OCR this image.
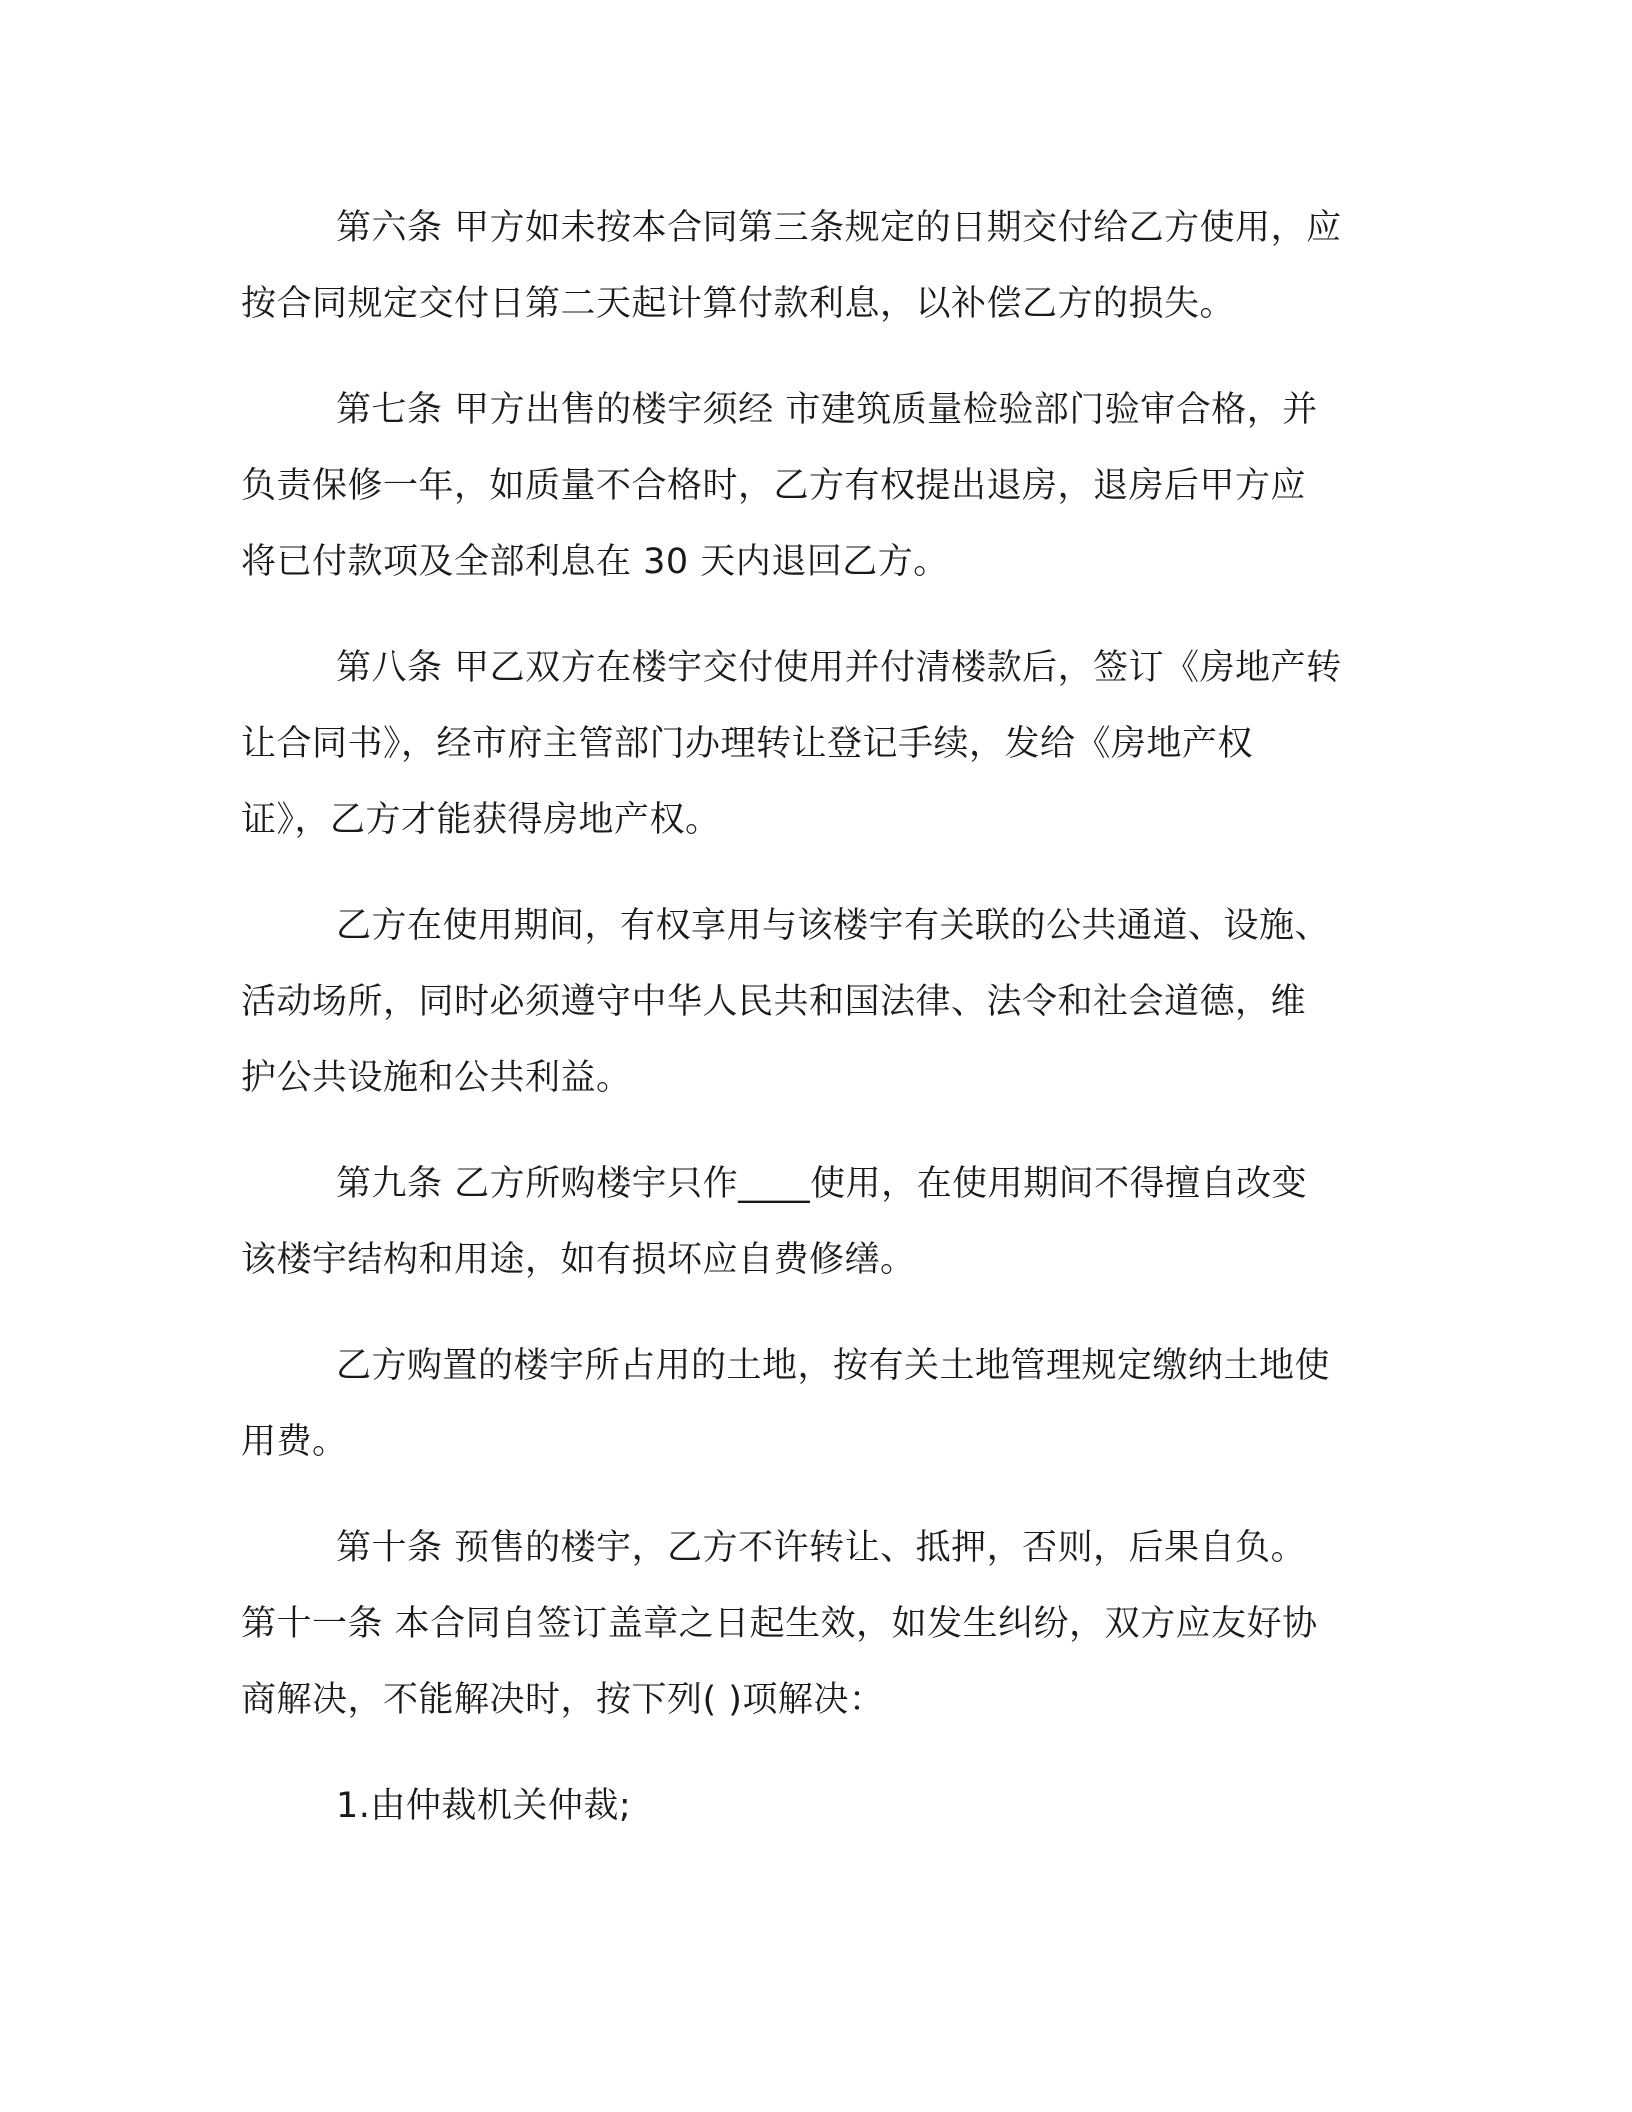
第六条 甲方如未按本合同第三条规定的日期交付给乙方使用，应
按合同规定交付日第二天起计算付款利息，以补偿乙方的损失。

第七条 甲方出售的楼宇须经 市建筑质量检验部门验审合格，并
负责保修一年，如质量不合格时，乙方有权提出退房，退房后甲方应
将已付款项及全部利息在 30 天内退回乙方。

第八条 甲乙双方在楼宇交付使用并付清楼款后，签订《房地产转
让合同书》，经市府主管部门办理转让登记手续，发给《房地产权
证》，乙方才能获得房地产权。

乙方在使用期间，有权享用与该楼宇有关联的公共通道、设施、
活动场所，同时必须遵守中华人民共和国法律、法令和社会道德，维
护公共设施和公共利益。

第九条 乙方所购楼宇只作____使用，在使用期间不得擅自改变
该楼宇结构和用途，如有损坏应自费修缮。

乙方购置的楼宇所占用的土地，按有关土地管理规定缴纳土地使
用费。

第十条 预售的楼宇，乙方不许转让、抵押，否则，后果自负。
第十一条 本合同自签订盖章之日起生效，如发生纠纷，双方应友好协
商解决，不能解决时，按下列( )项解决：

1.由仲裁机关仲裁;
